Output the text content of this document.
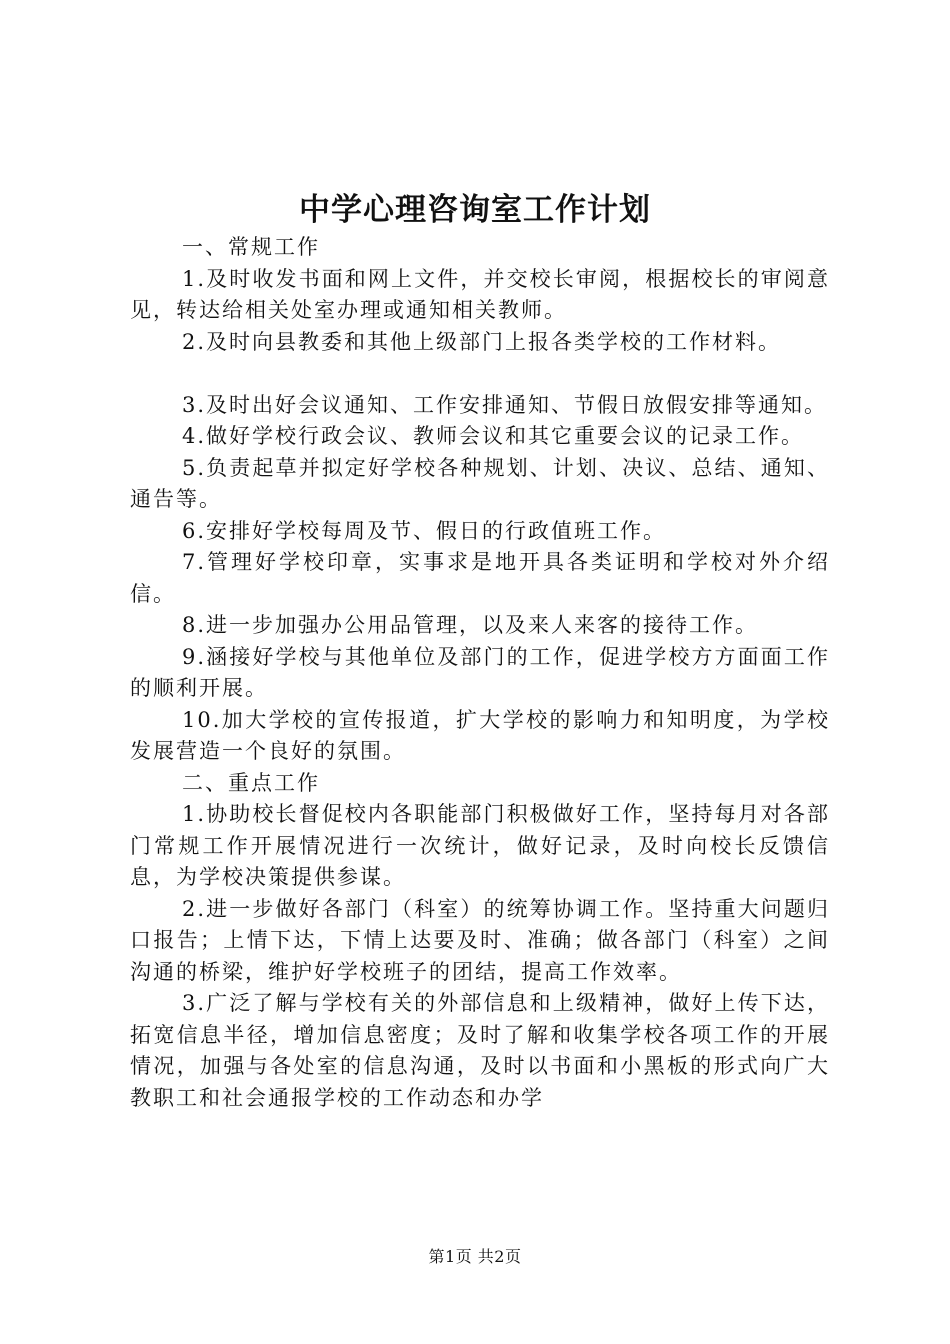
中学心理咨询室工作计划

一、常规工作

1.及时收发书面和网上文件，并交校长审阅，根据校长的审阅意见，转达给相关处室办理或通知相关教师。

2.及时向县教委和其他上级部门上报各类学校的工作材料。

3.及时出好会议通知、工作安排通知、节假日放假安排等通知。

4.做好学校行政会议、教师会议和其它重要会议的记录工作。

5.负责起草并拟定好学校各种规划、计划、决议、总结、通知、通告等。

6.安排好学校每周及节、假日的行政值班工作。

7.管理好学校印章，实事求是地开具各类证明和学校对外介绍信。

8.进一步加强办公用品管理，以及来人来客的接待工作。

9.涵接好学校与其他单位及部门的工作，促进学校方方面面工作的顺利开展。

10.加大学校的宣传报道，扩大学校的影响力和知明度，为学校发展营造一个良好的氛围。

二、重点工作

1.协助校长督促校内各职能部门积极做好工作，坚持每月对各部门常规工作开展情况进行一次统计，做好记录，及时向校长反馈信息，为学校决策提供参谋。

2.进一步做好各部门（科室）的统筹协调工作。坚持重大问题归口报告；上情下达，下情上达要及时、准确；做各部门（科室）之间沟通的桥梁，维护好学校班子的团结，提高工作效率。

3.广泛了解与学校有关的外部信息和上级精神，做好上传下达，拓宽信息半径，增加信息密度；及时了解和收集学校各项工作的开展情况，加强与各处室的信息沟通，及时以书面和小黑板的形式向广大教职工和社会通报学校的工作动态和办学

第1页 共2页
